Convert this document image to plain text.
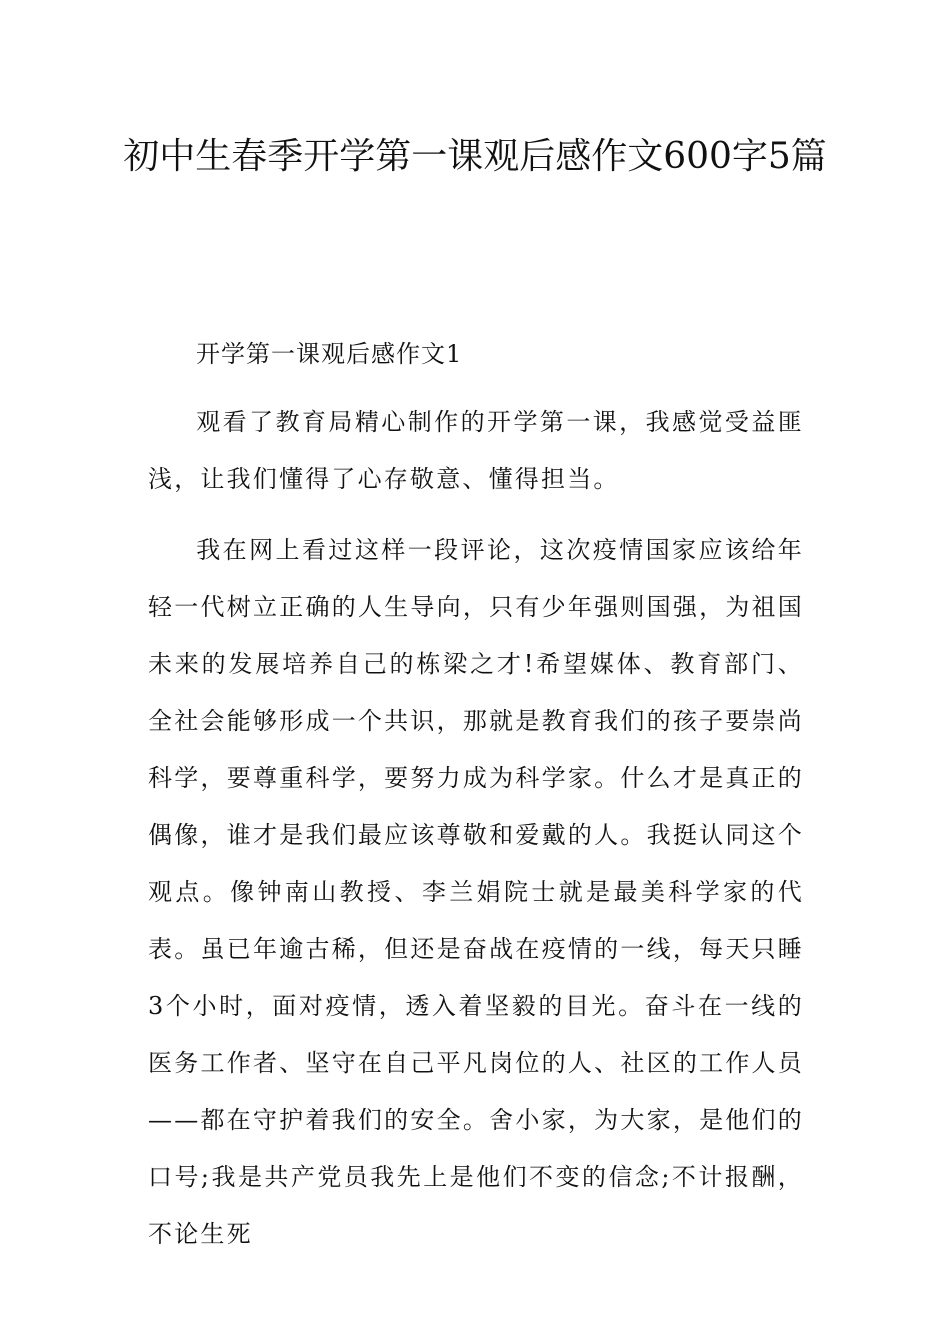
初中生春季开学第一课观后感作文600字5篇

开学第一课观后感作文1

观看了教育局精心制作的开学第一课，我感觉受益匪浅，让我们懂得了心存敬意、懂得担当。

我在网上看过这样一段评论，这次疫情国家应该给年轻一代树立正确的人生导向，只有少年强则国强，为祖国未来的发展培养自己的栋梁之才!希望媒体、教育部门、全社会能够形成一个共识，那就是教育我们的孩子要崇尚科学，要尊重科学，要努力成为科学家。什么才是真正的偶像，谁才是我们最应该尊敬和爱戴的人。我挺认同这个观点。像钟南山教授、李兰娟院士就是最美科学家的代表。虽已年逾古稀，但还是奋战在疫情的一线，每天只睡3个小时，面对疫情，透入着坚毅的目光。奋斗在一线的医务工作者、坚守在自己平凡岗位的人、社区的工作人员——都在守护着我们的安全。舍小家，为大家，是他们的口号;我是共产党员我先上是他们不变的信念;不计报酬，不论生死
